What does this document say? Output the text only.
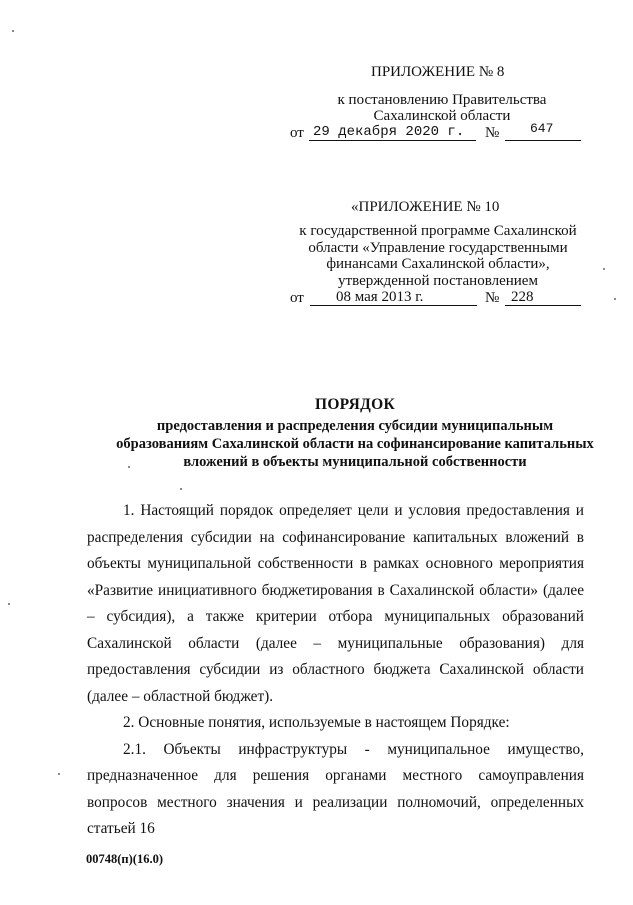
ПРИЛОЖЕНИЕ № 8
к постановлению Правительства
Сахалинской области
от 29 декабря 2020 г. № 647
«ПРИЛОЖЕНИЕ № 10
к государственной программе Сахалинской
области «Управление государственными
финансами Сахалинской области»,
утвержденной постановлением
от 08 мая 2013 г.	№ 228
ПОРЯДОК
предоставления и распределения субсидии муниципальным
образованиям Сахалинской области на софинансирование капитальных
вложений в объекты муниципальной собственности

1. Настоящий порядок определяет цели и условия предоставления и распределения субсидии на софинансирование капитальных вложений в объекты муниципальной собственности в рамках основного мероприятия «Развитие инициативного бюджетирования в Сахалинской области» (далее – субсидия), а также критерии отбора муниципальных образований Сахалинской области (далее – муниципальные образования) для предоставления субсидии из областного бюджета Сахалинской области (далее – областной бюджет).

2. Основные понятия, используемые в настоящем Порядке:

2.1. Объекты инфраструктуры - муниципальное имущество, предназначенное для решения органами местного самоуправления вопросов местного значения и реализации полномочий, определенных статьей 16

00748(п)(16.0)
